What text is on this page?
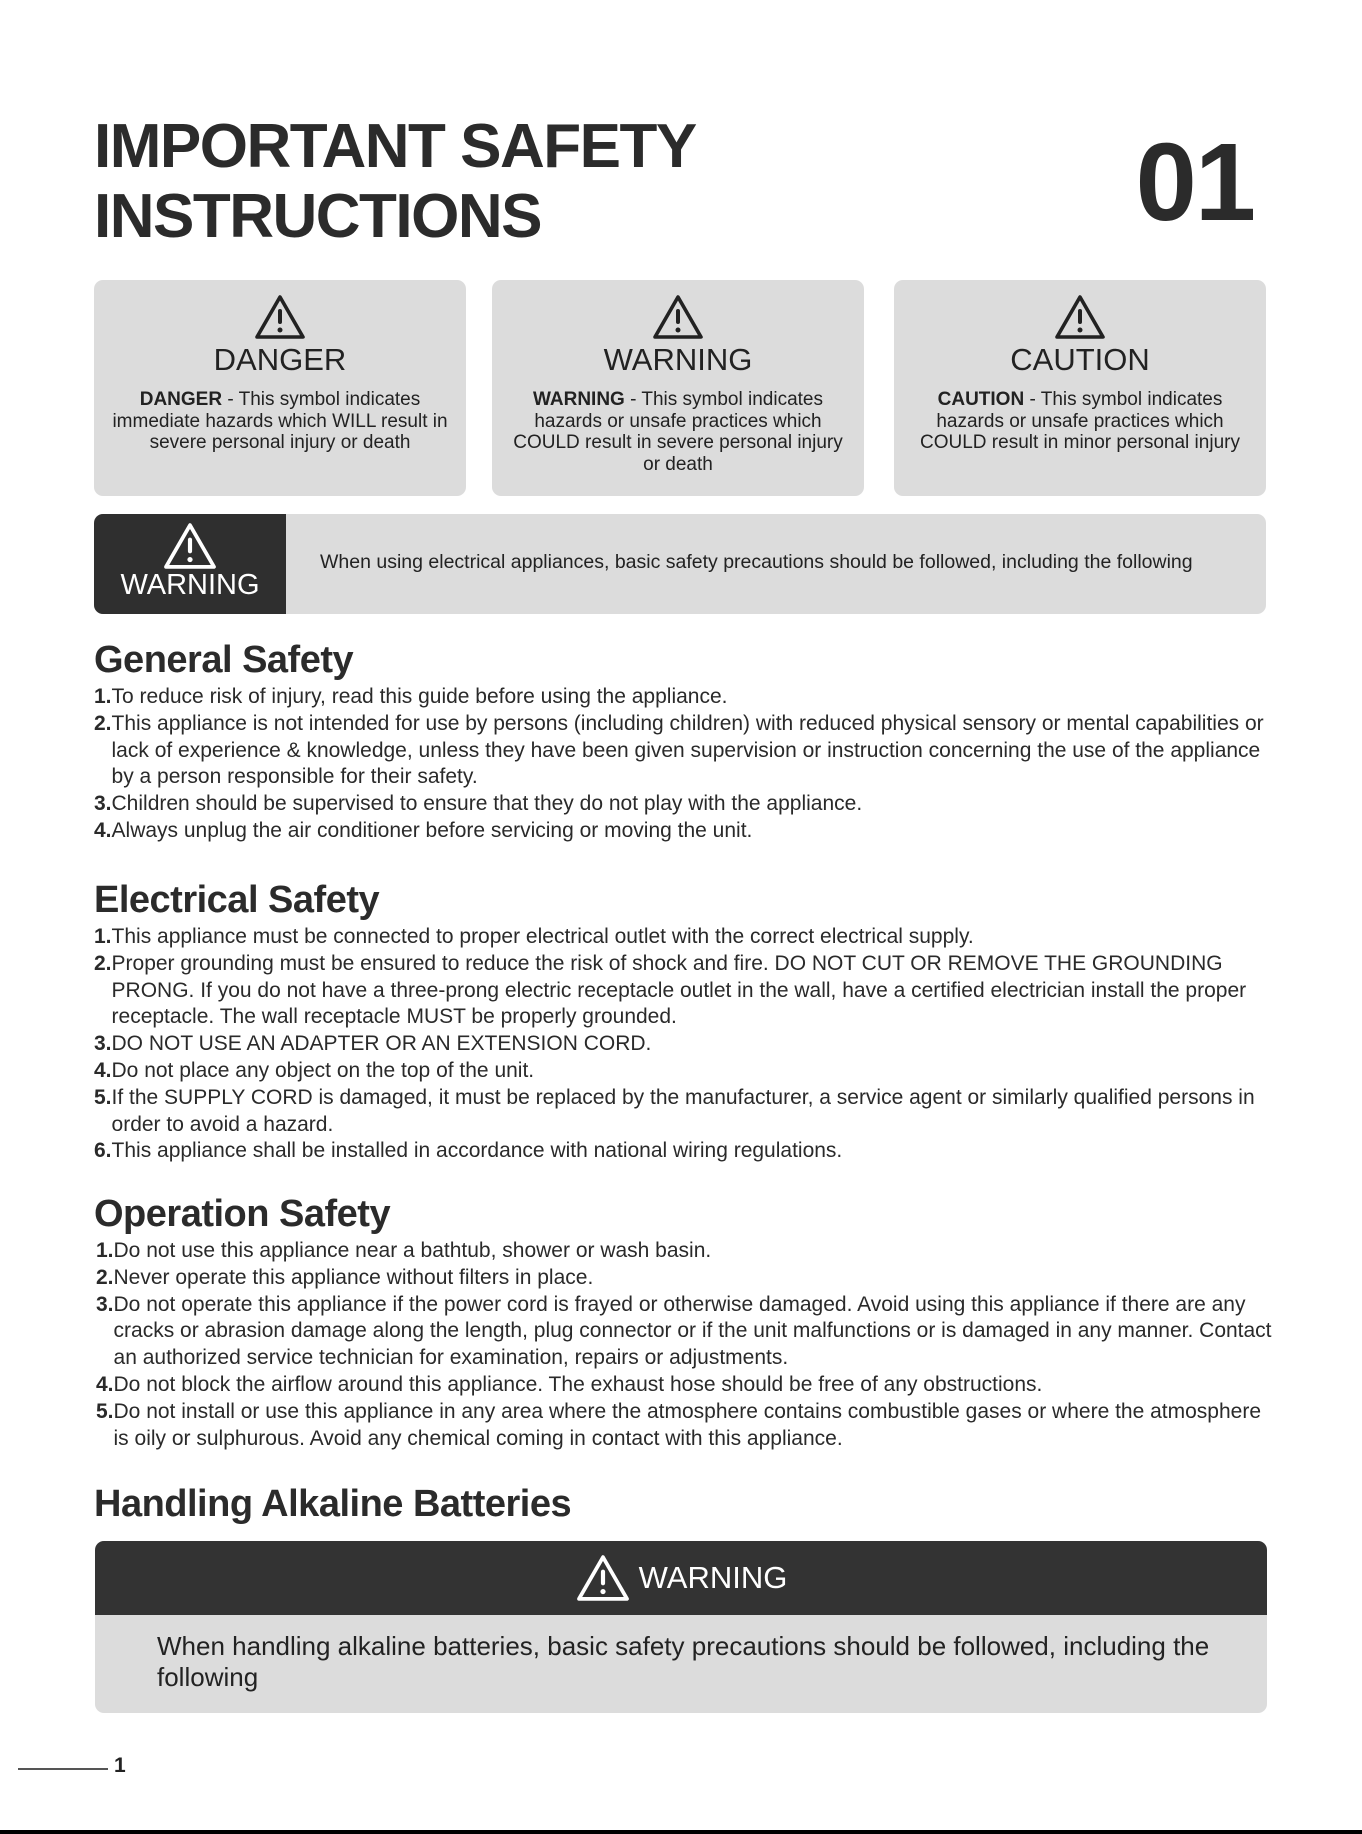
IMPORTANT SAFETY
INSTRUCTIONS	01
DANGER
DANGER - This symbol indicates immediate hazards which WILL result in severe personal injury or death
WARNING
WARNING - This symbol indicates hazards or unsafe practices which COULD result in severe personal injury or death
CAUTION
CAUTION - This symbol indicates hazards or unsafe practices which COULD result in minor personal injury
WARNING
When using electrical appliances, basic safety precautions should be followed, including the following
General Safety
1. To reduce risk of injury, read this guide before using the appliance.
2. This appliance is not intended for use by persons (including children) with reduced physical sensory or mental capabilities or lack of experience & knowledge, unless they have been given supervision or instruction concerning the use of the appliance by a person responsible for their safety.
3. Children should be supervised to ensure that they do not play with the appliance.
4. Always unplug the air conditioner before servicing or moving the unit.
Electrical Safety
1. This appliance must be connected to proper electrical outlet with the correct electrical supply.
2. Proper grounding must be ensured to reduce the risk of shock and fire. DO NOT CUT OR REMOVE THE GROUNDING PRONG. If you do not have a three-prong electric receptacle outlet in the wall, have a certified electrician install the proper receptacle. The wall receptacle MUST be properly grounded.
3. DO NOT USE AN ADAPTER OR AN EXTENSION CORD.
4. Do not place any object on the top of the unit.
5. If the SUPPLY CORD is damaged, it must be replaced by the manufacturer, a service agent or similarly qualified persons in order to avoid a hazard.
6. This appliance shall be installed in accordance with national wiring regulations.
Operation Safety
1. Do not use this appliance near a bathtub, shower or wash basin.
2. Never operate this appliance without filters in place.
3. Do not operate this appliance if the power cord is frayed or otherwise damaged. Avoid using this appliance if there are any cracks or abrasion damage along the length, plug connector or if the unit malfunctions or is damaged in any manner. Contact an authorized service technician for examination, repairs or adjustments.
4. Do not block the airflow around this appliance. The exhaust hose should be free of any obstructions.
5. Do not install or use this appliance in any area where the atmosphere contains combustible gases or where the atmosphere is oily or sulphurous. Avoid any chemical coming in contact with this appliance.
Handling Alkaline Batteries
WARNING
When handling alkaline batteries, basic safety precautions should be followed, including the following
1
